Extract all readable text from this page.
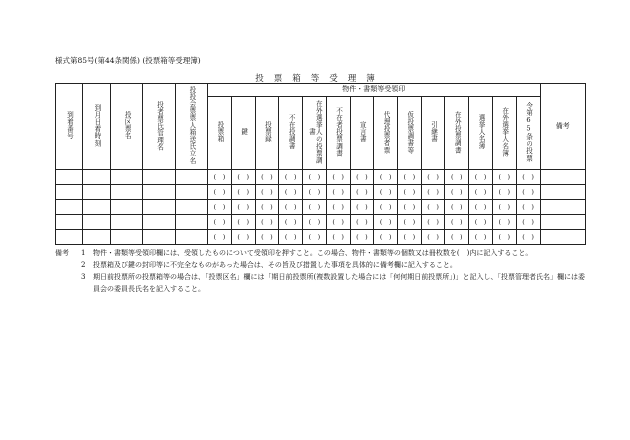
様式第85号(第44条関係) (投票箱等受理簿)
投票箱等受理簿
到着番号	到月日着時刻	投区票名	投者票氏管理名	投投会票票人箱送氏立名	物件・書類等受領印														備考
					投票箱	鍵	投票録	不在投調書	在外選挙人の投票調書	不在者投票調書	宣言書	代理投票者票	仮投票調書等	引継書	在外投票調書	選挙人名簿	在外選挙人名簿	令第65条の投票	
					(　)	(　)	(　)	(　)	(　)	(　)	(　)	(　)	(　)	(　)	(　)	(　)	(　)	(　)	
					(　)	(　)	(　)	(　)	(　)	(　)	(　)	(　)	(　)	(　)	(　)	(　)	(　)	(　)	
					(　)	(　)	(　)	(　)	(　)	(　)	(　)	(　)	(　)	(　)	(　)	(　)	(　)	(　)	
					(　)	(　)	(　)	(　)	(　)	(　)	(　)	(　)	(　)	(　)	(　)	(　)	(　)	(　)	
					(　)	(　)	(　)	(　)	(　)	(　)	(　)	(　)	(　)	(　)	(　)	(　)	(　)	(　)	
備考	1	物件・書類等受領印欄には、受領したものについて受領印を押すこと。この場合、物件・書類等の個数又は冊枚数を(　)内に記入すること。
2	投票箱及び鍵の封印等に不完全なものがあった場合は、その旨及び措置した事項を具体的に備考欄に記入すること。
3	期日前投票所の投票箱等の場合は、「投票区名」欄には「期日前投票所(複数設置した場合には「何何期日前投票所」)」と記入し、「投票管理者氏名」欄には委員会の委員長氏名を記入すること。
